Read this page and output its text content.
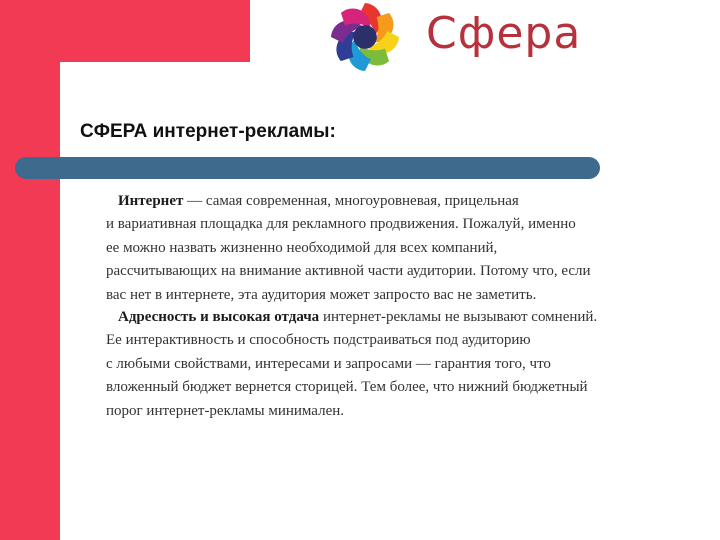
Сфера
СФЕРА интернет-рекламы:
Интернет — самая современная, многоуровневая, прицельная
и вариативная площадка для рекламного продвижения. Пожалуй, именно
ее можно назвать жизненно необходимой для всех компаний,
рассчитывающих на внимание активной части аудитории. Потому что, если
вас нет в интернете, эта аудитория может запросто вас не заметить.
Адресность и высокая отдача интернет-рекламы не вызывают сомнений.
Ее интерактивность и способность подстраиваться под аудиторию
с любыми свойствами, интересами и запросами — гарантия того, что
вложенный бюджет вернется сторицей. Тем более, что нижний бюджетный
порог интернет-рекламы минимален.
